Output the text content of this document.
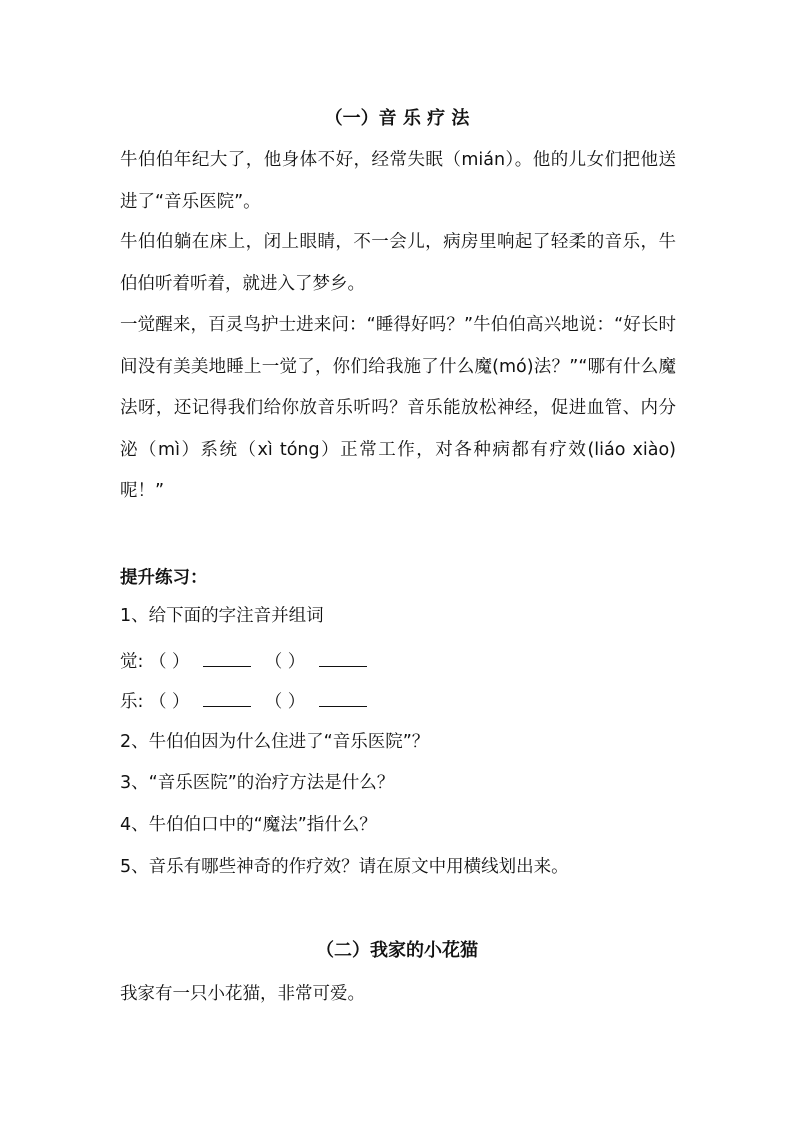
（一）音 乐 疗 法
牛伯伯年纪大了，他身体不好，经常失眠（mián）。他的儿女们把他送进了“音乐医院”。
牛伯伯躺在床上，闭上眼睛，不一会儿，病房里响起了轻柔的音乐，牛伯伯听着听着，就进入了梦乡。
一觉醒来，百灵鸟护士进来问：“睡得好吗？”牛伯伯高兴地说：“好长时间没有美美地睡上一觉了，你们给我施了什么魔(mó)法？”“哪有什么魔法呀，还记得我们给你放音乐听吗？音乐能放松神经，促进血管、内分泌（mì）系统（xì tóng）正常工作，对各种病都有疗效(liáo xiào)呢！”
提升练习：
1、给下面的字注音并组词
觉: （ ）	（ ）
乐: （ ）	（ ）
2、牛伯伯因为什么住进了“音乐医院”？
3、“音乐医院”的治疗方法是什么？
4、牛伯伯口中的“魔法”指什么？
5、音乐有哪些神奇的作疗效？请在原文中用横线划出来。
（二）我家的小花猫
我家有一只小花猫，非常可爱。
